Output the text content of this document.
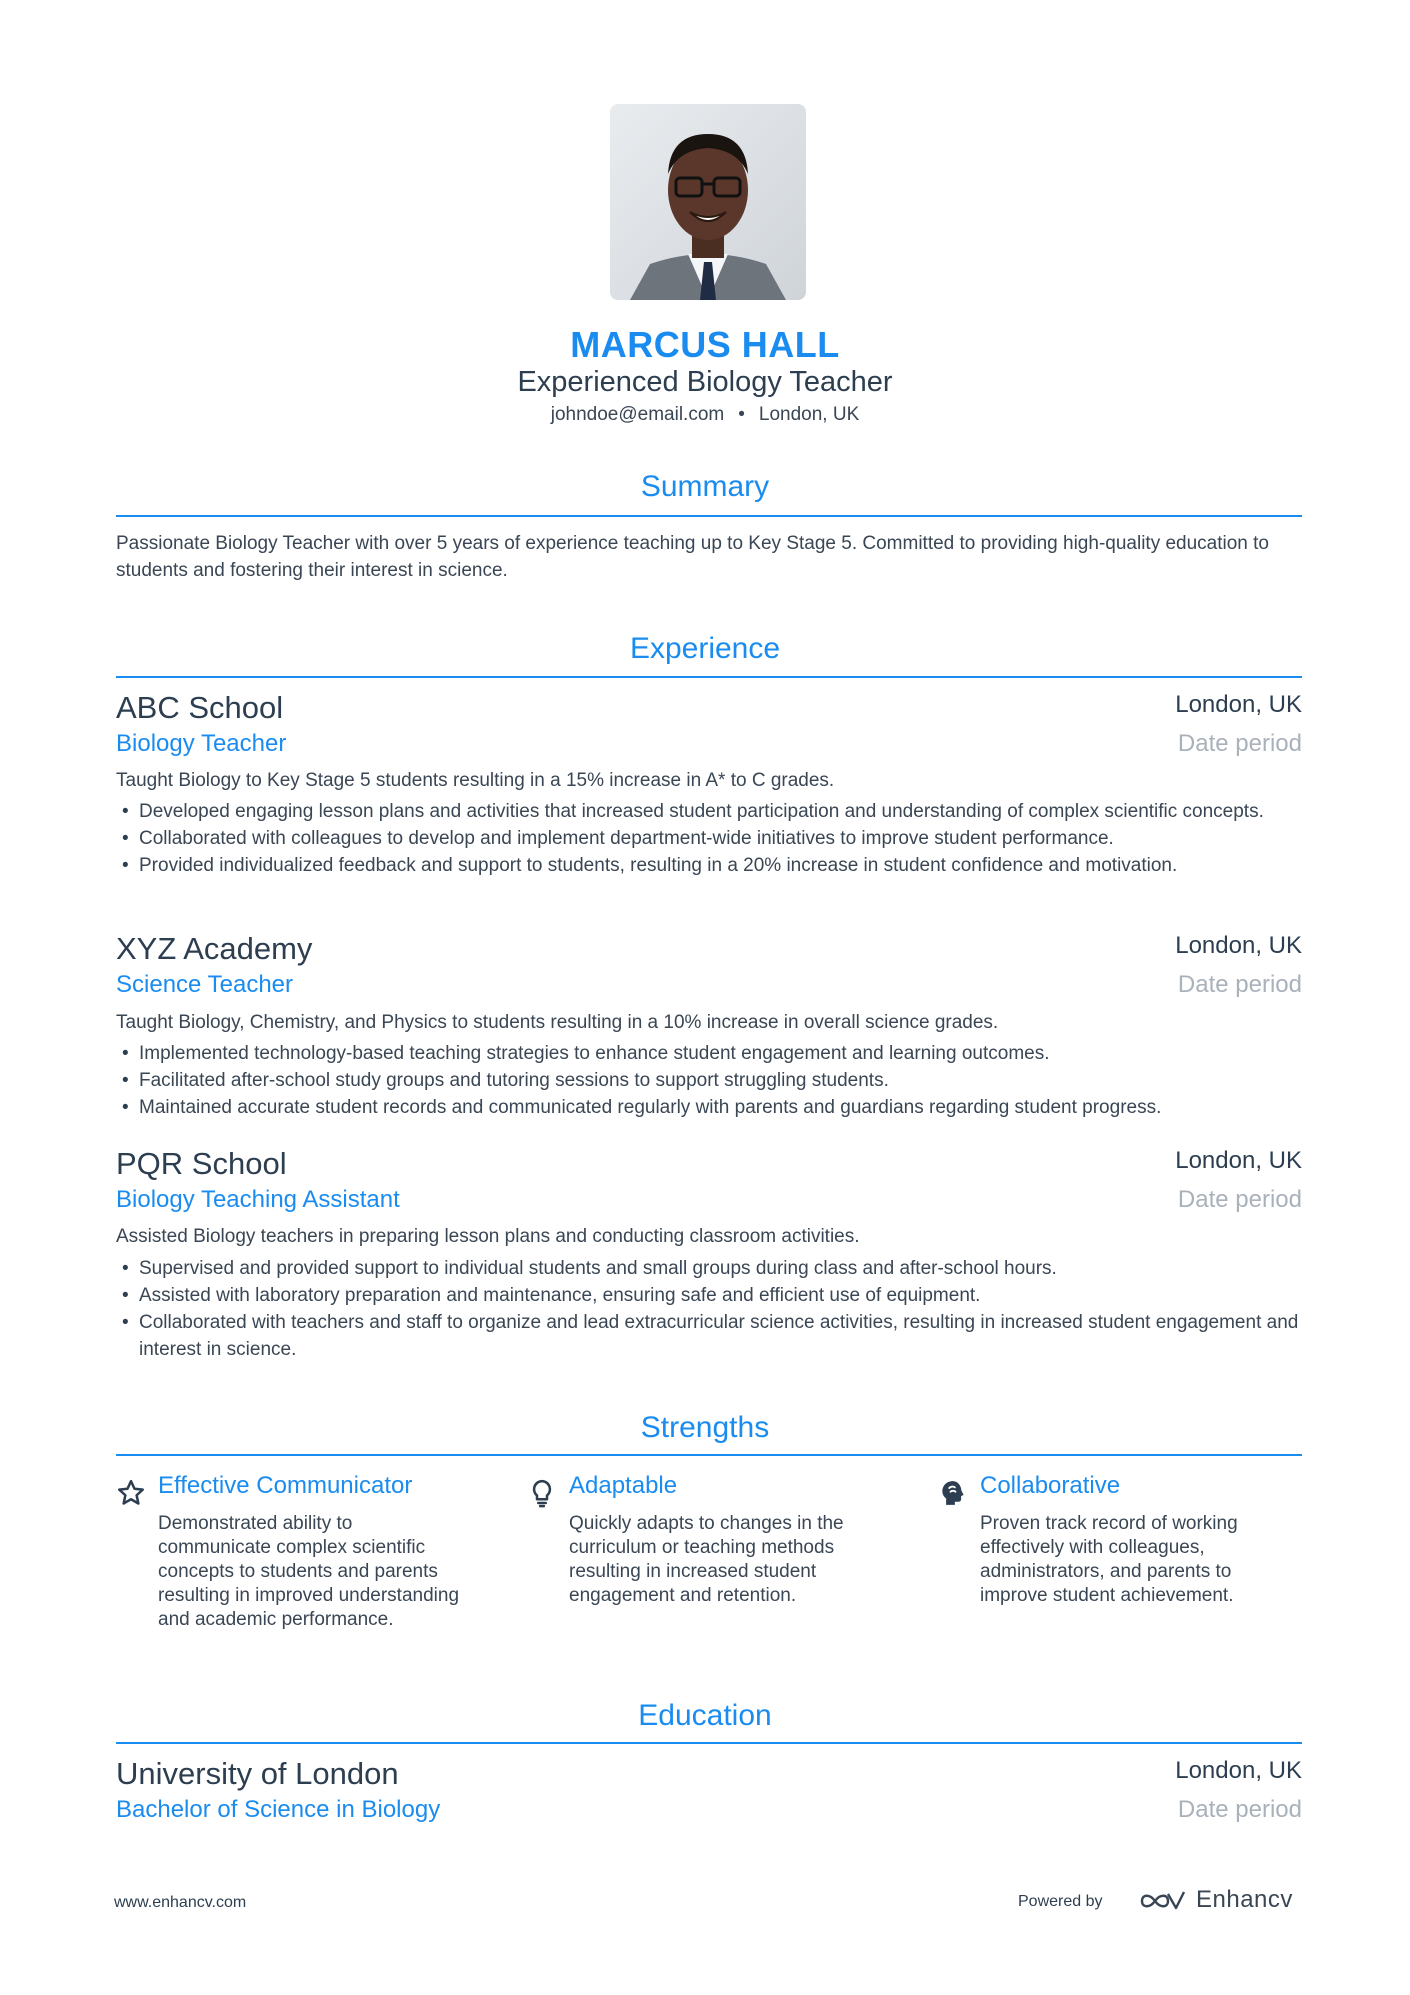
MARCUS HALL
Experienced Biology Teacher
johndoe@email.com • London, UK
Summary
Passionate Biology Teacher with over 5 years of experience teaching up to Key Stage 5. Committed to providing high-quality education to students and fostering their interest in science.
Experience
ABC School	London, UK
Biology Teacher	Date period
Taught Biology to Key Stage 5 students resulting in a 15% increase in A* to C grades.
• Developed engaging lesson plans and activities that increased student participation and understanding of complex scientific concepts.
• Collaborated with colleagues to develop and implement department-wide initiatives to improve student performance.
• Provided individualized feedback and support to students, resulting in a 20% increase in student confidence and motivation.
XYZ Academy	London, UK
Science Teacher	Date period
Taught Biology, Chemistry, and Physics to students resulting in a 10% increase in overall science grades.
• Implemented technology-based teaching strategies to enhance student engagement and learning outcomes.
• Facilitated after-school study groups and tutoring sessions to support struggling students.
• Maintained accurate student records and communicated regularly with parents and guardians regarding student progress.
PQR School	London, UK
Biology Teaching Assistant	Date period
Assisted Biology teachers in preparing lesson plans and conducting classroom activities.
• Supervised and provided support to individual students and small groups during class and after-school hours.
• Assisted with laboratory preparation and maintenance, ensuring safe and efficient use of equipment.
• Collaborated with teachers and staff to organize and lead extracurricular science activities, resulting in increased student engagement and interest in science.
Strengths
Effective Communicator
Demonstrated ability to communicate complex scientific concepts to students and parents resulting in improved understanding and academic performance.
Adaptable
Quickly adapts to changes in the curriculum or teaching methods resulting in increased student engagement and retention.
Collaborative
Proven track record of working effectively with colleagues, administrators, and parents to improve student achievement.
Education
University of London	London, UK
Bachelor of Science in Biology	Date period
www.enhancv.com	Powered by	Enhancv
